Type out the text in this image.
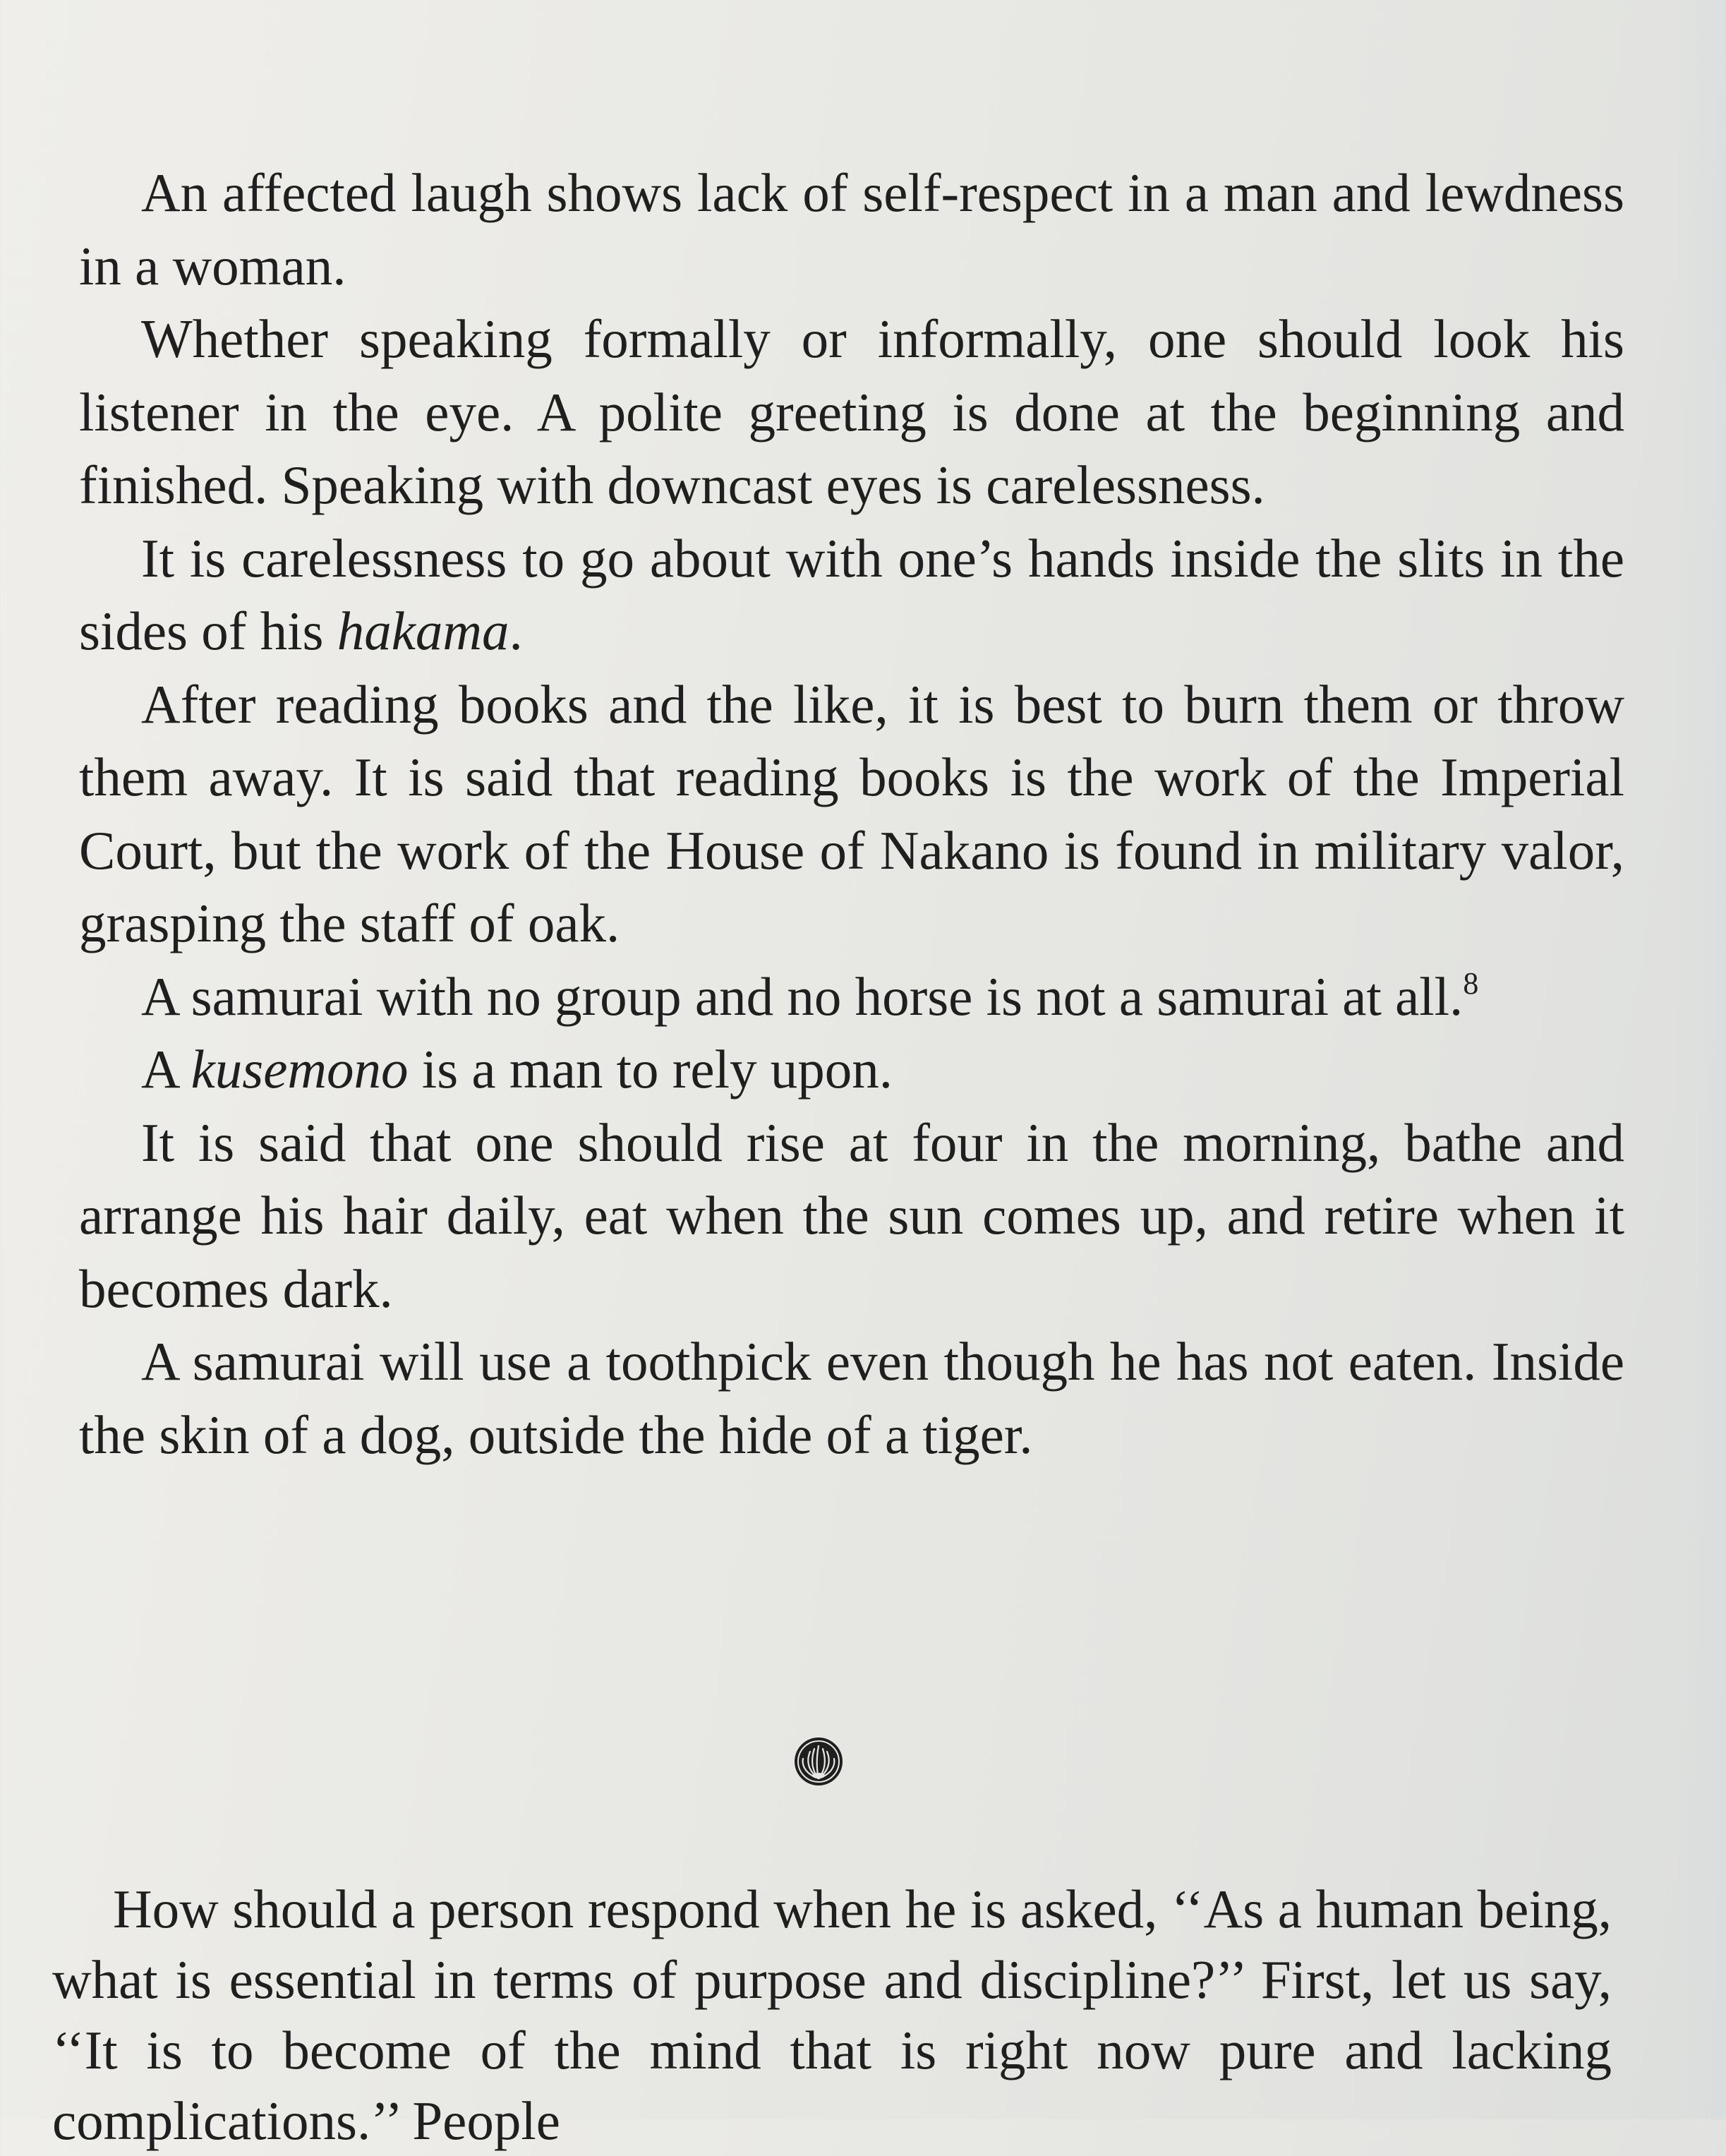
An affected laugh shows lack of self-respect in a man and lewdness in a woman.

Whether speaking formally or informally, one should look his listener in the eye. A polite greeting is done at the beginning and finished. Speaking with downcast eyes is carelessness.

It is carelessness to go about with one’s hands inside the slits in the sides of his hakama.

After reading books and the like, it is best to burn them or throw them away. It is said that reading books is the work of the Imperial Court, but the work of the House of Nakano is found in military valor, grasping the staff of oak.

A samurai with no group and no horse is not a samurai at all.$^8$

A kusemono is a man to rely upon.

It is said that one should rise at four in the morning, bathe and arrange his hair daily, eat when the sun comes up, and retire when it becomes dark.

A samurai will use a toothpick even though he has not eaten. Inside the skin of a dog, outside the hide of a tiger.

How should a person respond when he is asked, ‘‘As a human being, what is essential in terms of purpose and discipline?’’ First, let us say, ‘‘It is to become of the mind that is right now pure and lacking complications.’’ People
